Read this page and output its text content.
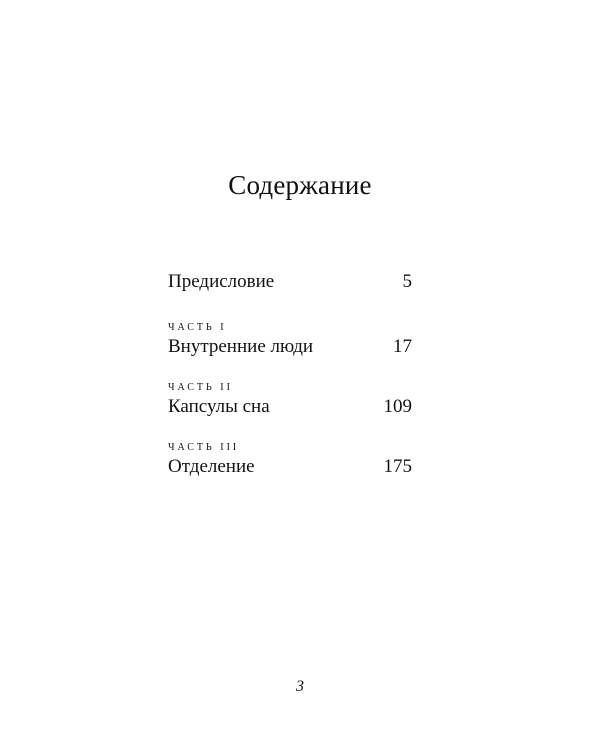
Содержание
Предисловие	5
ЧАСТЬ I
Внутренние люди	17
ЧАСТЬ II
Капсулы сна	109
ЧАСТЬ III
Отделение	175
3
